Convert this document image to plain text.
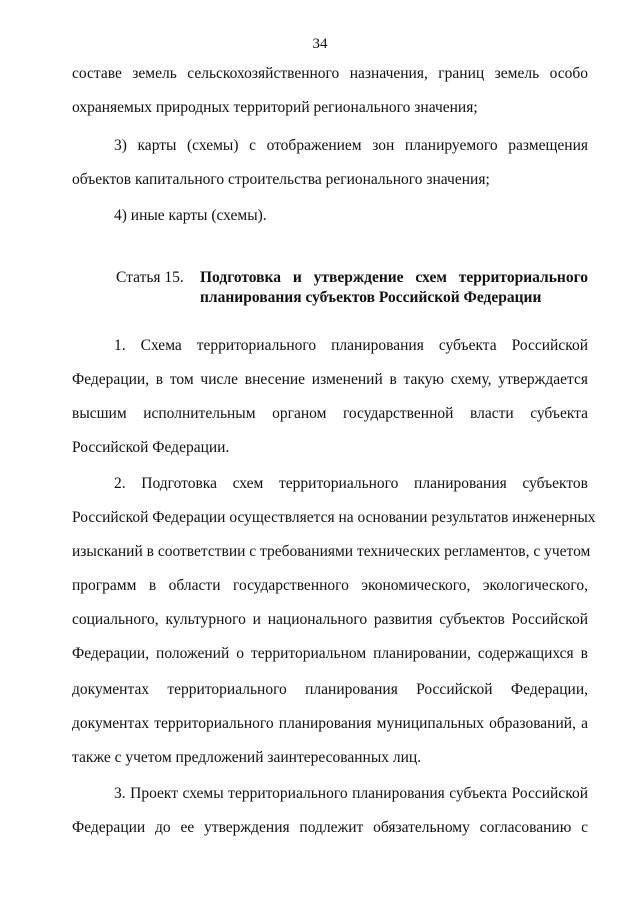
34
составе земель сельскохозяйственного назначения, границ земель особо
охраняемых природных территорий регионального значения;
3) карты (схемы) с отображением зон планируемого размещения
объектов капитального строительства регионального значения;
4) иные карты (схемы).
1. Схема территориального планирования субъекта Российской
Федерации, в том числе внесение изменений в такую схему, утверждается
высшим исполнительным органом государственной власти субъекта
Российской Федерации.
2. Подготовка схем территориального планирования субъектов
Российской Федерации осуществляется на основании результатов инженерных
изысканий в соответствии с требованиями технических регламентов, с учетом
программ в области государственного экономического, экологического,
социального, культурного и национального развития субъектов Российской
Федерации, положений о территориальном планировании, содержащихся в
документах территориального планирования Российской Федерации,
документах территориального планирования муниципальных образований, а
также с учетом предложений заинтересованных лиц.
3. Проект схемы территориального планирования субъекта Российской
Федерации до ее утверждения подлежит обязательному согласованию с
Статья 15. Подготовка и утверждение схем территориального
планирования субъектов Российской Федерации
